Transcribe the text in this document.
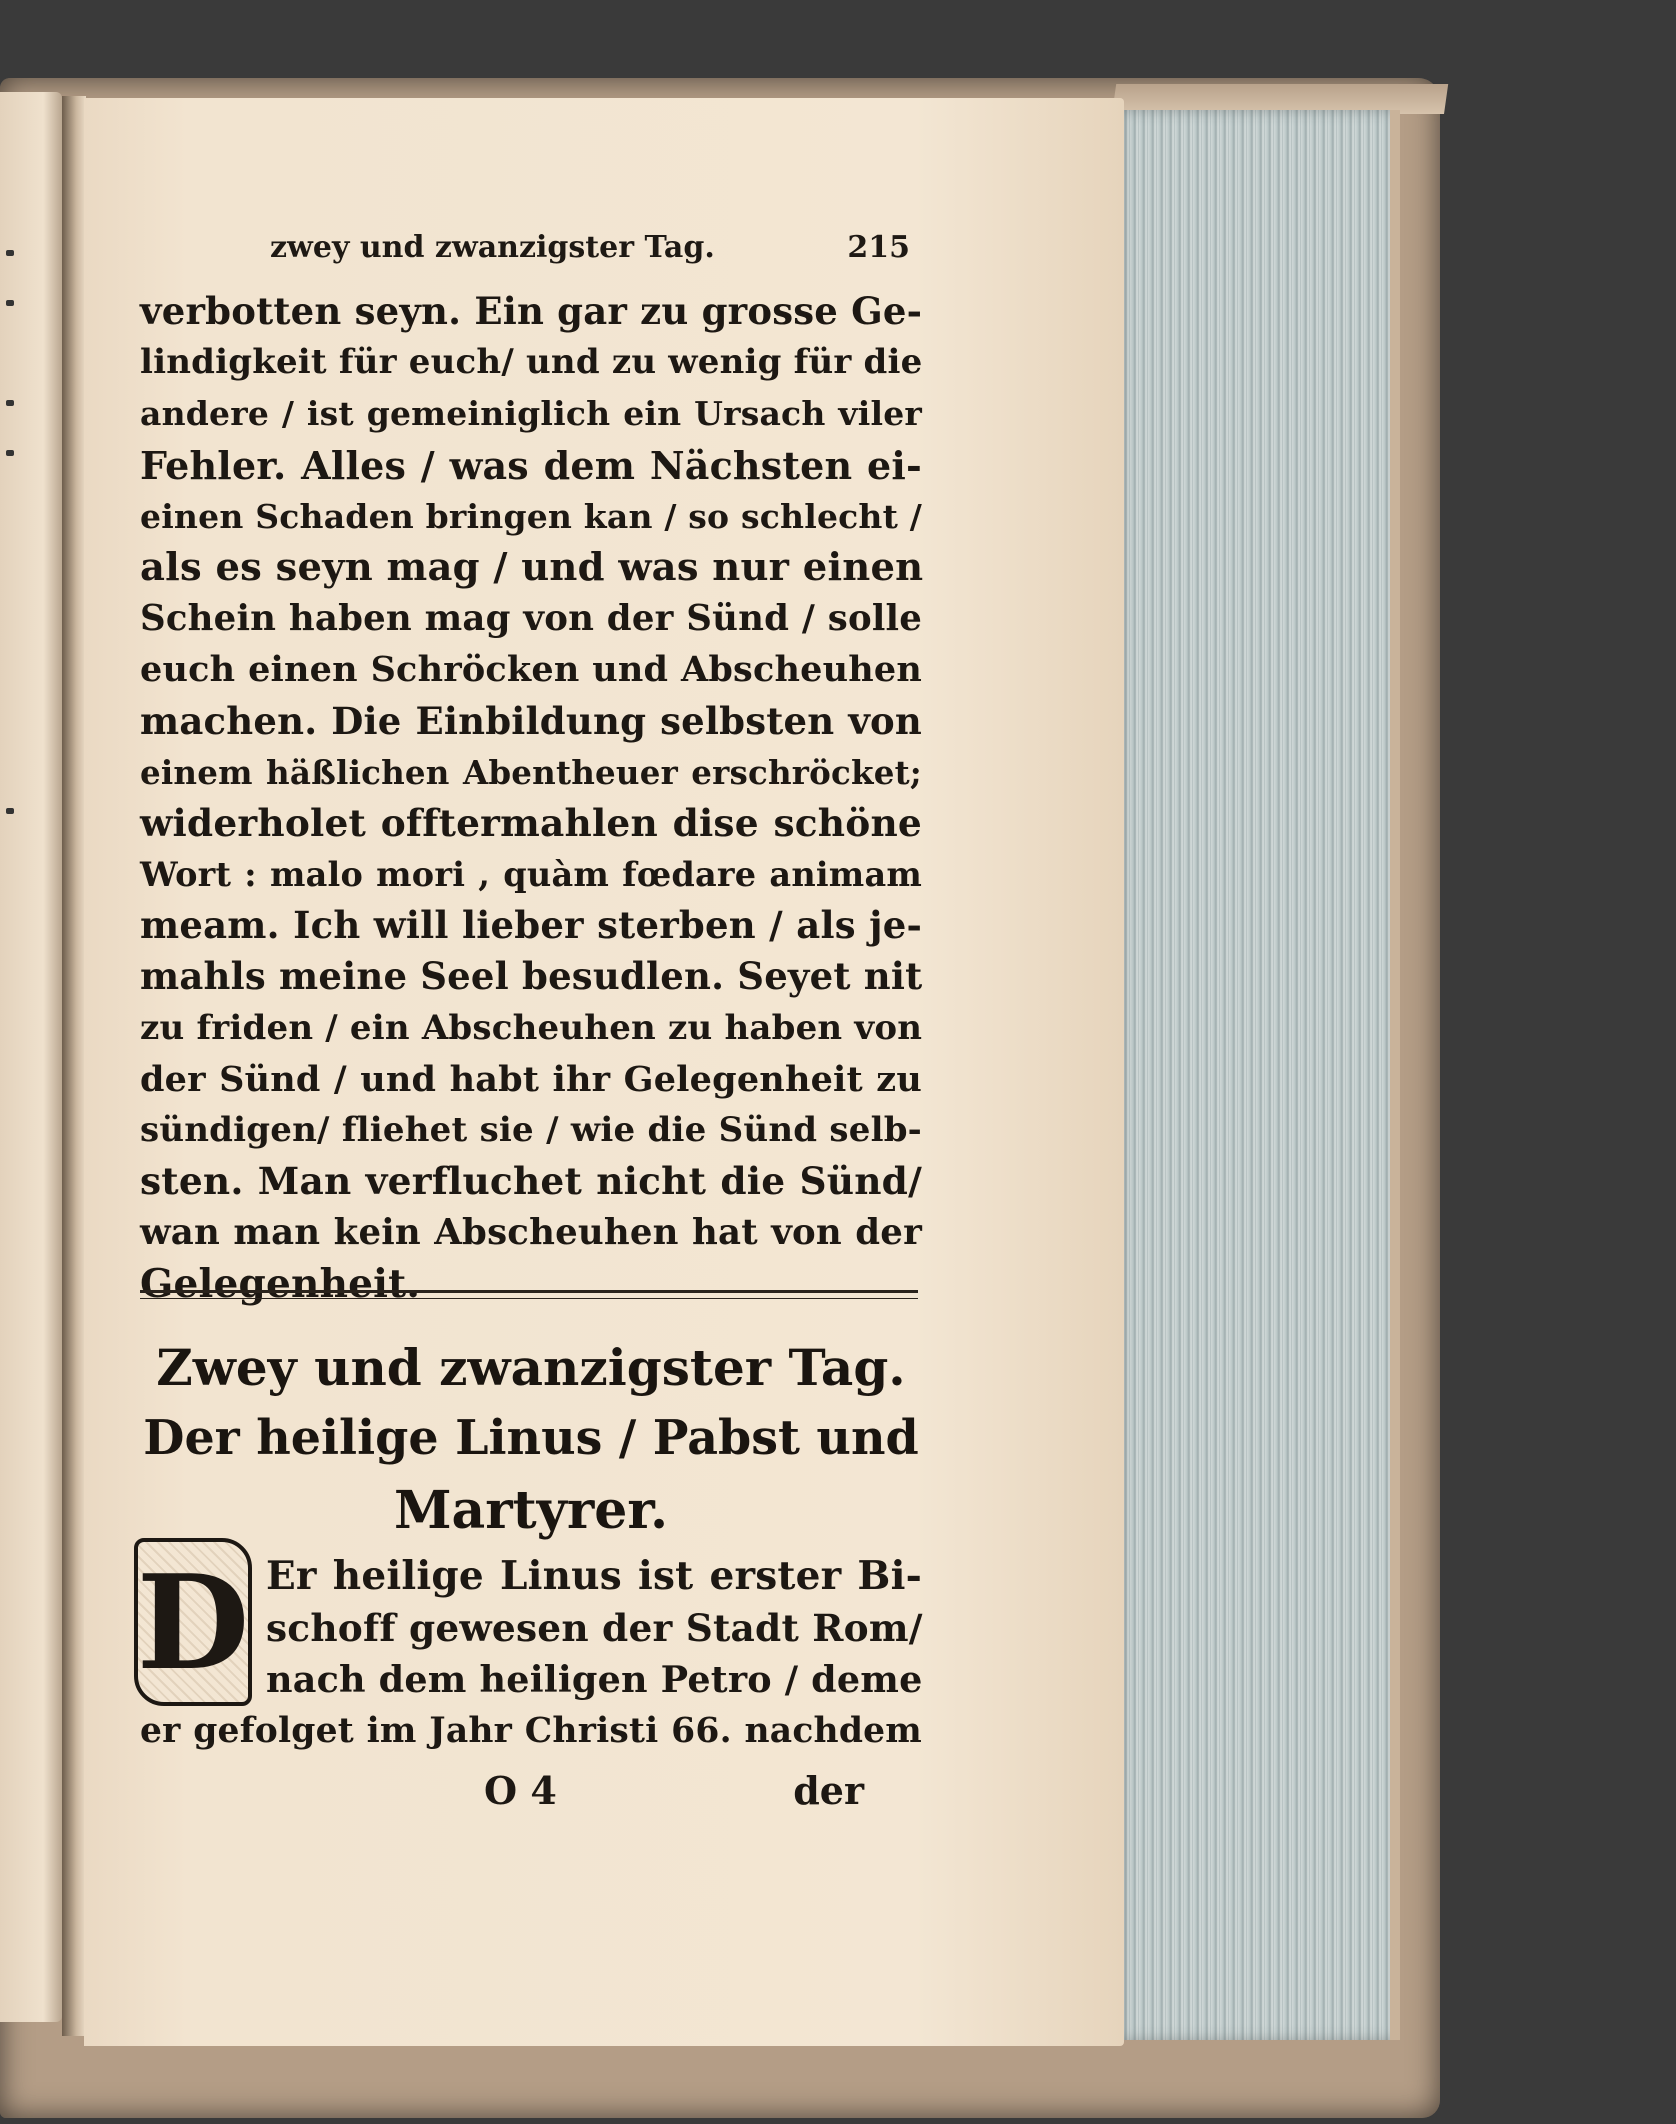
zwey und zwanzigster Tag.	215
verbotten seyn. Ein gar zu grosse Ge-
lindigkeit für euch/ und zu wenig für die
andere / ist gemeiniglich ein Ursach viler
Fehler. Alles / was dem Nächsten ei-
einen Schaden bringen kan / so schlecht /
als es seyn mag / und was nur einen
Schein haben mag von der Sünd / solle
euch einen Schröcken und Abscheuhen
machen. Die Einbildung selbsten von
einem häßlichen Abentheuer erschröcket;
widerholet offtermahlen dise schöne
Wort : malo mori , quàm fœdare animam
meam. Ich will lieber sterben / als je-
mahls meine Seel besudlen. Seyet nit
zu friden / ein Abscheuhen zu haben von
der Sünd / und habt ihr Gelegenheit zu
sündigen/ fliehet sie / wie die Sünd selb-
sten. Man verfluchet nicht die Sünd/
wan man kein Abscheuhen hat von der
Gelegenheit.
Zwey und zwanzigster Tag.
Der heilige Linus / Pabst und
Martyrer.
D Er heilige Linus ist erster Bi-
schoff gewesen der Stadt Rom/
nach dem heiligen Petro / deme
er gefolget im Jahr Christi 66. nachdem
O 4	der
